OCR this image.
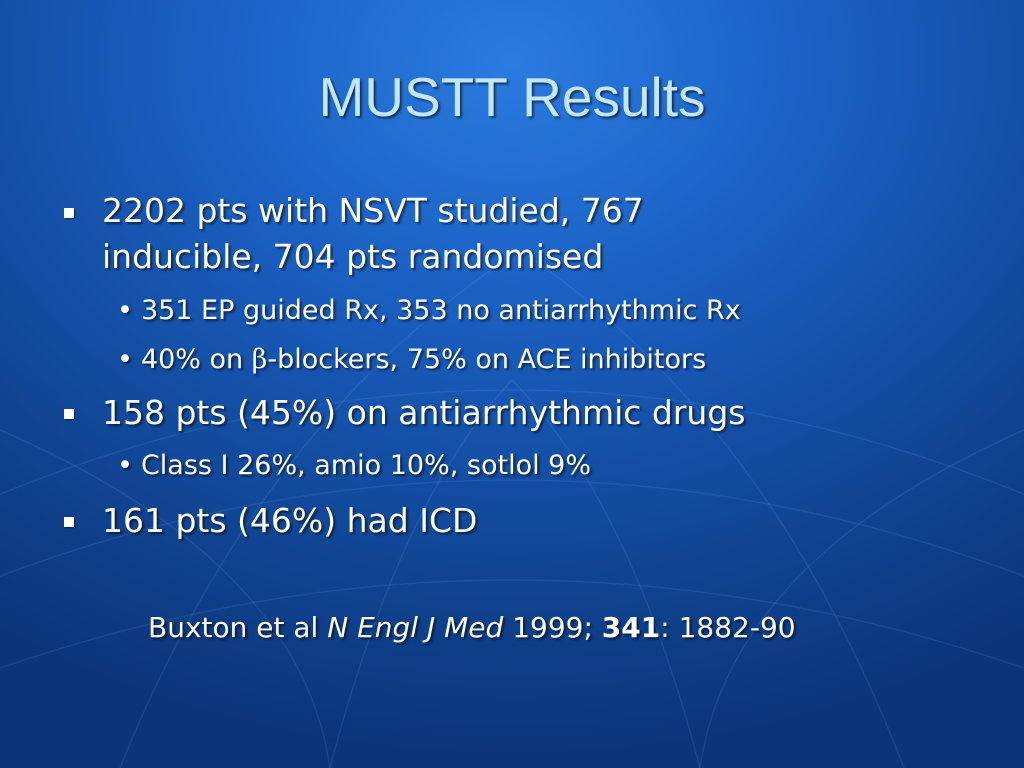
MUSTT Results
2202 pts with NSVT studied, 767
inducible, 704 pts randomised
• 351 EP guided Rx, 353 no antiarrhythmic Rx
• 40% on β-blockers, 75% on ACE inhibitors
158 pts (45%) on antiarrhythmic drugs
• Class I 26%, amio 10%, sotlol 9%
161 pts (46%) had ICD
Buxton et al N Engl J Med 1999; 341: 1882-90
